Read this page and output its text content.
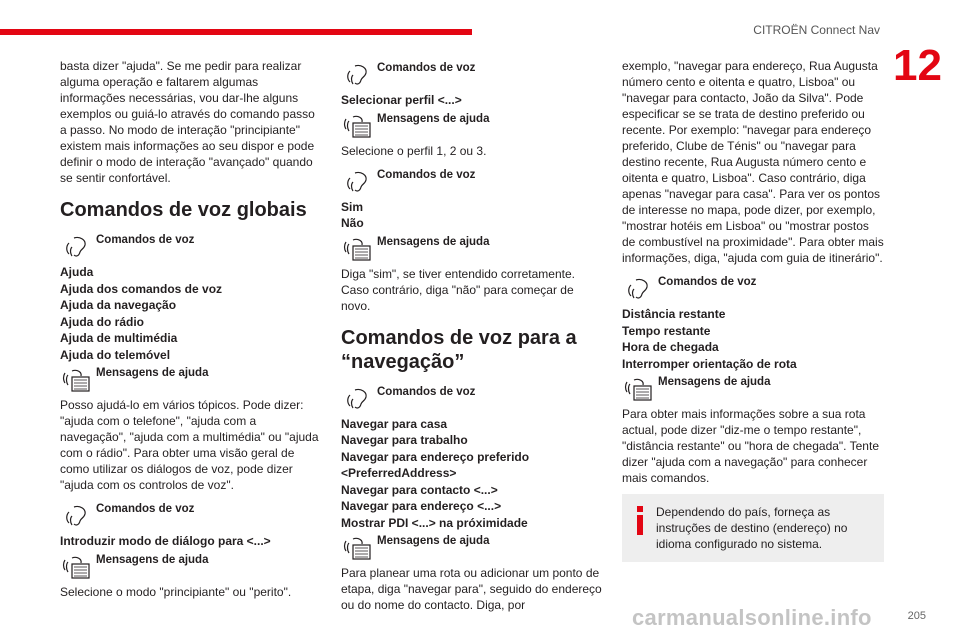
CITROËN Connect Nav
12

basta dizer "ajuda". Se me pedir para realizar alguma operação e faltarem algumas informações necessárias, vou dar-lhe alguns exemplos ou guiá-lo através do comando passo a passo. No modo de interação "principiante" existem mais informações ao seu dispor e pode definir o modo de interação "avançado" quando se sentir confortável.

Comandos de voz globais
Comandos de voz
Ajuda
Ajuda dos comandos de voz
Ajuda da navegação
Ajuda do rádio
Ajuda de multimédia
Ajuda do telemóvel
Mensagens de ajuda

Posso ajudá-lo em vários tópicos. Pode dizer: "ajuda com o telefone", "ajuda com a navegação", "ajuda com a multimédia" ou "ajuda com o rádio". Para obter uma visão geral de como utilizar os diálogos de voz, pode dizer "ajuda com os controlos de voz".

Comandos de voz
Introduzir modo de diálogo para <...>
Mensagens de ajuda

Selecione o modo "principiante" ou "perito".

Comandos de voz
Selecionar perfil <...>
Mensagens de ajuda

Selecione o perfil 1, 2 ou 3.

Comandos de voz
Sim
Não
Mensagens de ajuda

Diga "sim", se tiver entendido corretamente. Caso contrário, diga "não" para começar de novo.

Comandos de voz para a “navegação”
Comandos de voz
Navegar para casa
Navegar para trabalho
Navegar para endereço preferido <PreferredAddress>
Navegar para contacto <...>
Navegar para endereço <...>
Mostrar PDI <...> na próximidade
Mensagens de ajuda

Para planear uma rota ou adicionar um ponto de etapa, diga "navegar para", seguido do endereço ou do nome do contacto. Diga, por

exemplo, "navegar para endereço, Rua Augusta número cento e oitenta e quatro, Lisboa" ou "navegar para contacto, João da Silva". Pode especificar se se trata de destino preferido ou recente. Por exemplo: "navegar para endereço preferido, Clube de Ténis" ou "navegar para destino recente, Rua Augusta número cento e oitenta e quatro, Lisboa". Caso contrário, diga apenas "navegar para casa". Para ver os pontos de interesse no mapa, pode dizer, por exemplo, "mostrar hotéis em Lisboa" ou "mostrar postos de combustível na proximidade". Para obter mais informações, diga, "ajuda com guia de itinerário".

Comandos de voz
Distância restante
Tempo restante
Hora de chegada
Interromper orientação de rota
Mensagens de ajuda

Para obter mais informações sobre a sua rota actual, pode dizer "diz-me o tempo restante", "distância restante" ou "hora de chegada". Tente dizer "ajuda com a navegação" para conhecer mais comandos.

Dependendo do país, forneça as instruções de destino (endereço) no idioma configurado no sistema.
205
carmanualsonline.info
